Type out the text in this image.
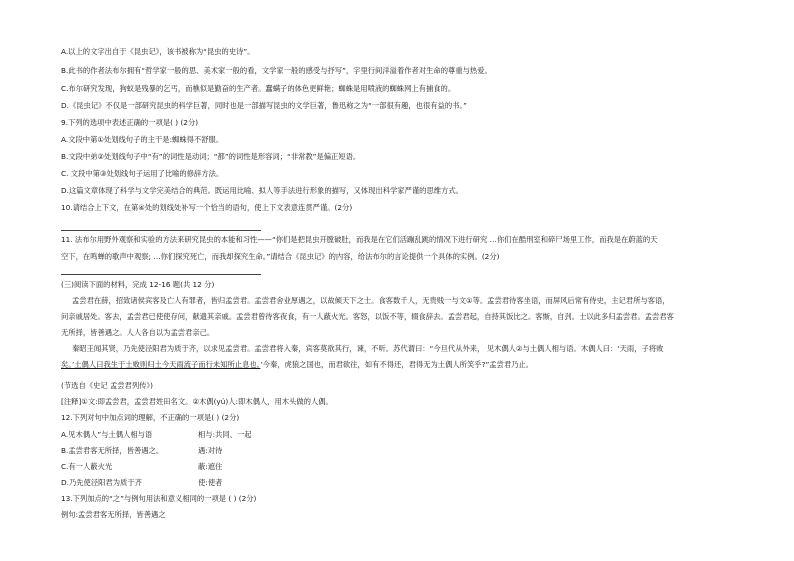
A.以上的文字出自于《昆虫记》，该书被称为“昆虫的史诗”。
B.此书的作者法布尔拥有“哲学家一般的思、美术家一般的看，文学家一般的感受与抒写”，字里行间洋溢着作者对生命的尊重与热爱。
C.布尔研究发现，狗蚁是残暴的乞丐，而樵似是勤奋的生产者。蠢螨子的体色更鲜艳；蜘蛛是用喷液的蜘蛛网上有捕食的。
D.《昆虫记》不仅是一部研究昆虫的科学巨著，同时也是一部描写昆虫的文学巨著，鲁迅称之为“一部很有趣，也很有益的书。”
9.下列的选项中表述正确的一项是( ) (2分)
A.文段中第①处划线句子的主干是:蜘蛛得不舒服。
B.文段中弟②处划线句子中“有”的词性是动词；“都”的词性是形容词；“非常教”是偏正短语。
C. 文段中第③处划线句子运用了比喻的修辞方法。
D.这篇文章体现了科学与文学完美结合的典范。既运用比喻、拟人等手法进行形象的描写，又体现出科学家严谨的思维方式。
10.请结合上下文，在第④处的划线处补写一个恰当的语句，使上下文表意连贯严谨。(2分)
11. 法布尔用野外观察和实验的方法来研究昆虫的本能和习性——“你们是把昆虫开膛破肚，而我是在它们活蹦乱跳的情况下进行研究 …你们在酷刑室和碎尸场里工作，而我是在蔚蓝的天
空下，在鸣蝉的歌声中观察; …你们探究死亡，而我却探究生命。”请结合《昆虫记》的内容，给法布尔的言论提供一个具体的实例。(2分)
(三)阅读下面的材料，完成 12-16 题(共 12 分)
孟尝君在薛，招致诸侯宾客及亡人有罪者，皆归孟尝君。孟尝君舍业厚遇之，以故倾天下之士。食客数千人，无贵贱一与文①等。孟尝君待客坐语，而屏风后常有侍史，主记君所与客语，
问亲戚居处。客去，孟尝君已使使存问，献遗其亲戚。孟尝君曾待客夜食，有一人蔽火光。客怒，以饭不等，辍食辞去。孟尝君起，自持其饭比之。客惭，自刭。士以此多归孟尝君。孟尝君客
无所择，皆善遇之。人人各自以为孟尝君亲己。
秦昭王闻其贤，乃先使泾阳君为质于齐，以求见孟尝君。孟尝君将入秦，宾客莫欲其行，谏，不听。苏代谓曰：“今旦代从外来， 见木偶人②与土偶人相与语。木偶人曰：‘天雨，子将败
矣。’土偶人曰我生于土败则归土今天雨流子而行未知所止息也。’今秦，虎狼之国也，而君欲往，如有不得还，君得无为土偶人所笑乎?”孟尝君乃止。
(节选自《史记 孟尝君列传》)
[注释]①文:即孟尝君，孟尝君姓田名文。②木偶(yú)人:即木偶人，用木头做的人偶。
12.下列对句中加点词的理解，不正确的一项是( ) (2分)
A.见木偶人”与土偶人相与语	相与:共同、一起
B.孟尝君客无所择，皆善遇之。	遇:对待
C.有一人蔽火光	蔽:遮住
D.乃先使泾阳君为质于齐	使:使者
13.下列加点的“之”与例句用法和意义相同的一项是 ( ) (2分)
例句:孟尝君客无所择，皆善遇之
